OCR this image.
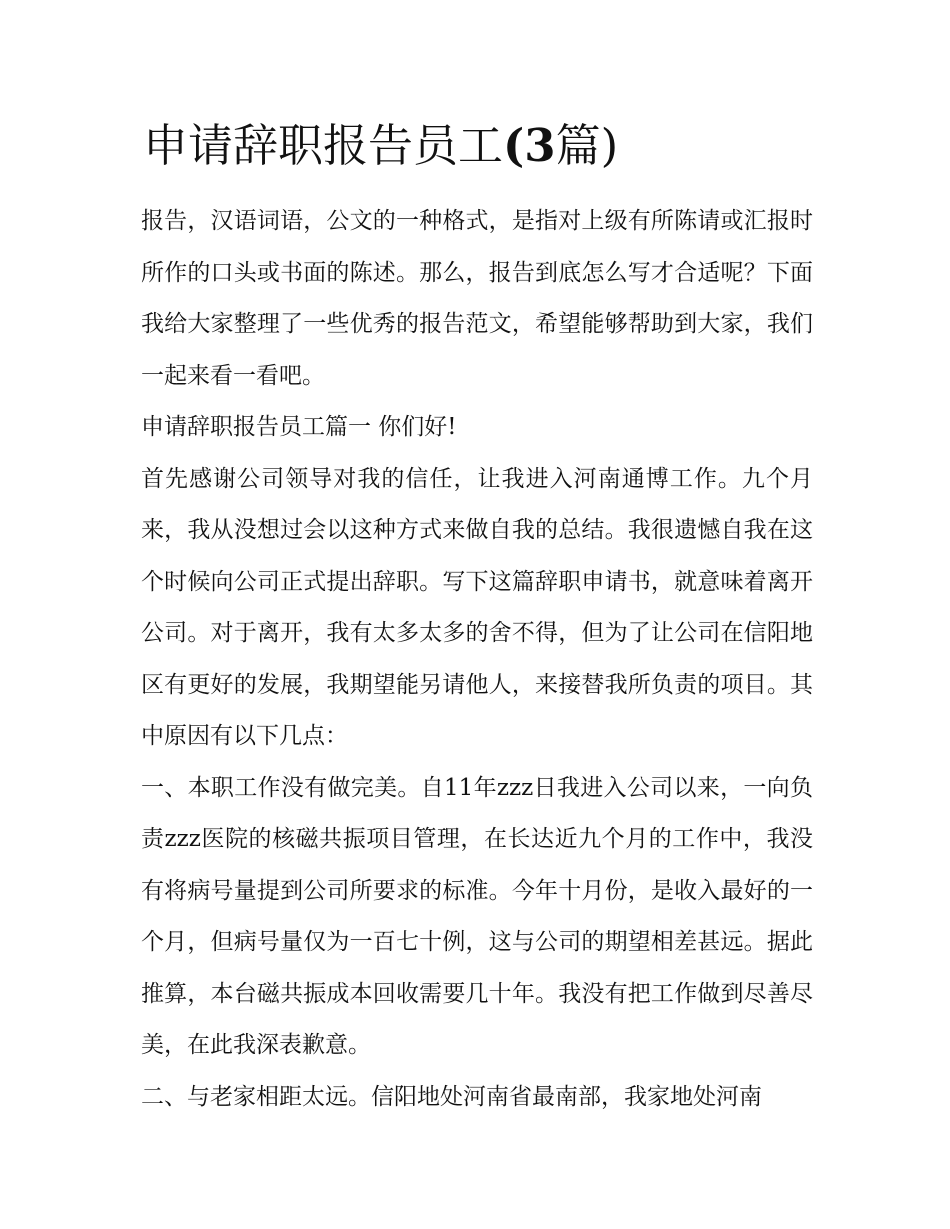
申请辞职报告员工(3篇)

报告，汉语词语，公文的一种格式，是指对上级有所陈请或汇报时所作的口头或书面的陈述。那么，报告到底怎么写才合适呢？下面我给大家整理了一些优秀的报告范文，希望能够帮助到大家，我们一起来看一看吧。

申请辞职报告员工篇一 你们好!

首先感谢公司领导对我的信任，让我进入河南通博工作。九个月来，我从没想过会以这种方式来做自我的总结。我很遗憾自我在这个时候向公司正式提出辞职。写下这篇辞职申请书，就意味着离开公司。对于离开，我有太多太多的舍不得，但为了让公司在信阳地区有更好的发展，我期望能另请他人，来接替我所负责的项目。其中原因有以下几点：

一、本职工作没有做完美。自11年zzz日我进入公司以来，一向负责zzz医院的核磁共振项目管理，在长达近九个月的工作中，我没有将病号量提到公司所要求的标准。今年十月份，是收入最好的一个月，但病号量仅为一百七十例，这与公司的期望相差甚远。据此推算，本台磁共振成本回收需要几十年。我没有把工作做到尽善尽美，在此我深表歉意。

二、与老家相距太远。信阳地处河南省最南部，我家地处河南
